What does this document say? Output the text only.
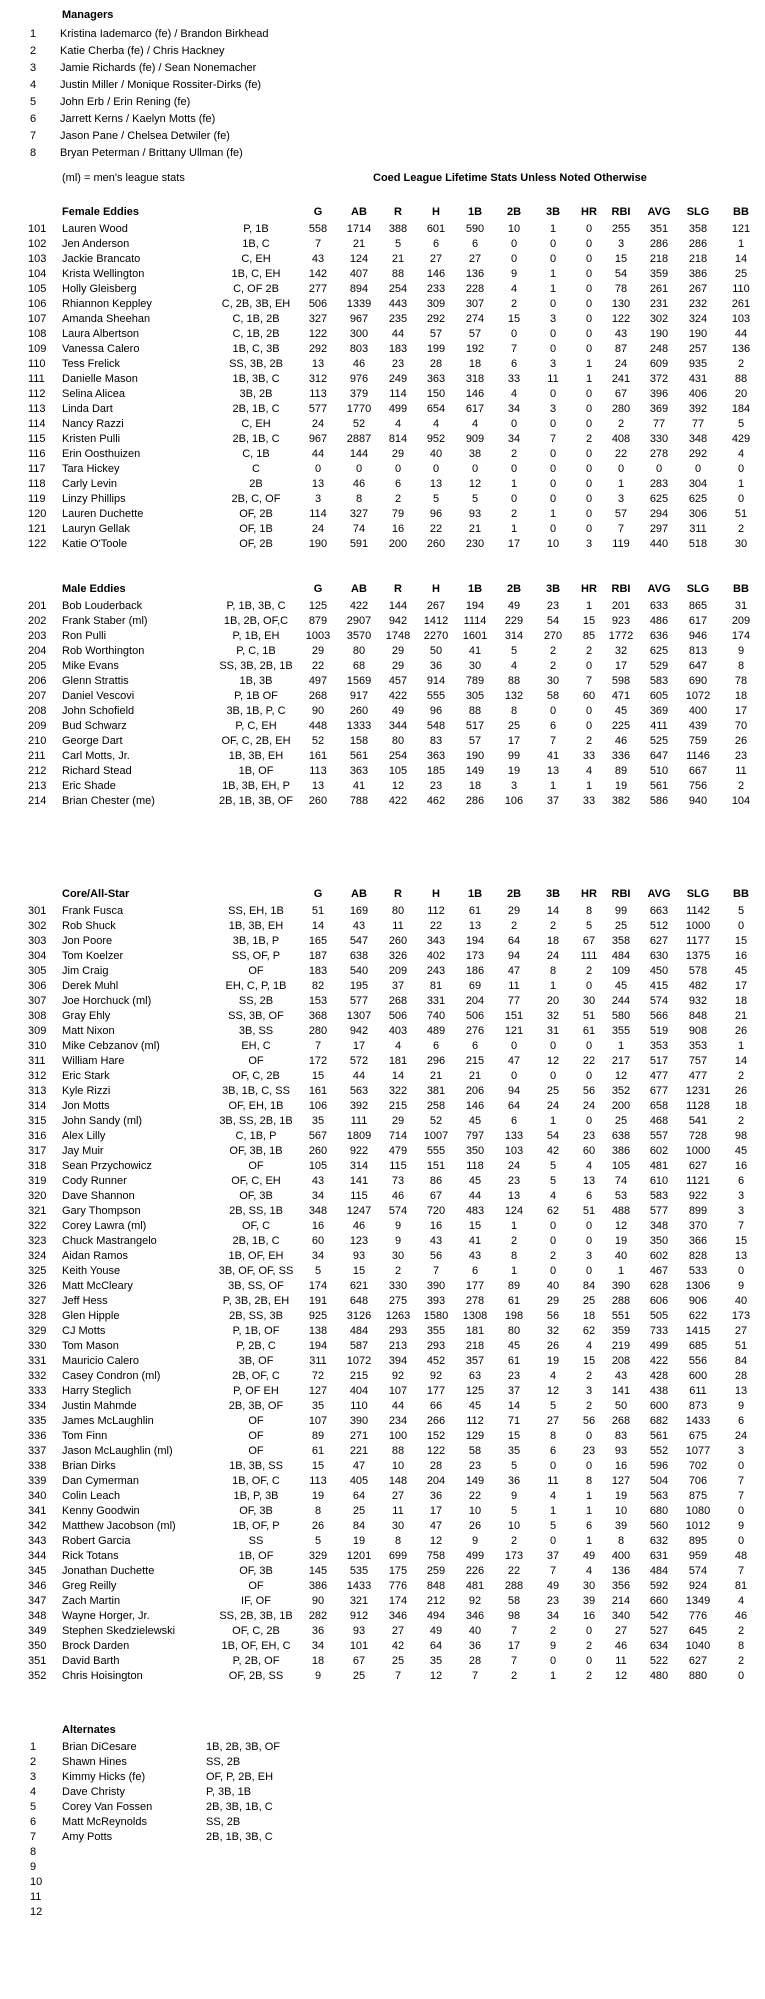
Managers
1 Kristina Iademarco (fe) / Brandon Birkhead
2 Katie Cherba (fe) / Chris Hackney
3 Jamie Richards (fe) / Sean Nonemacher
4 Justin Miller / Monique Rossiter-Dirks (fe)
5 John Erb / Erin Rening (fe)
6 Jarrett Kerns / Kaelyn Motts (fe)
7 Jason Pane / Chelsea Detwiler (fe)
8 Bryan Peterman / Brittany Ullman (fe)
(ml) = men's league stats	Coed League Lifetime Stats Unless Noted Otherwise
Female Eddies	G	AB	R	H	1B	2B	3B	HR	RBI	AVG	SLG	BB
101	Lauren Wood	P, 1B	558	1714	388	601	590	10	1	0	255	351	358	121
102	Jen Anderson	1B, C	7	21	5	6	6	0	0	0	3	286	286	1
103	Jackie Brancato	C, EH	43	124	21	27	27	0	0	0	15	218	218	14
104	Krista Wellington	1B, C, EH	142	407	88	146	136	9	1	0	54	359	386	25
105	Holly Gleisberg	C, OF 2B	277	894	254	233	228	4	1	0	78	261	267	110
106	Rhiannon Keppley	C, 2B, 3B, EH	506	1339	443	309	307	2	0	0	130	231	232	261
107	Amanda Sheehan	C, 1B, 2B	327	967	235	292	274	15	3	0	122	302	324	103
108	Laura Albertson	C, 1B, 2B	122	300	44	57	57	0	0	0	43	190	190	44
109	Vanessa Calero	1B, C, 3B	292	803	183	199	192	7	0	0	87	248	257	136
110	Tess Frelick	SS, 3B, 2B	13	46	23	28	18	6	3	1	24	609	935	2
111	Danielle Mason	1B, 3B, C	312	976	249	363	318	33	11	1	241	372	431	88
112	Selina Alicea	3B, 2B	113	379	114	150	146	4	0	0	67	396	406	20
113	Linda Dart	2B, 1B, C	577	1770	499	654	617	34	3	0	280	369	392	184
114	Nancy Razzi	C, EH	24	52	4	4	4	0	0	0	2	77	77	5
115	Kristen Pulli	2B, 1B, C	967	2887	814	952	909	34	7	2	408	330	348	429
116	Erin Oosthuizen	C, 1B	44	144	29	40	38	2	0	0	22	278	292	4
117	Tara Hickey	C	0	0	0	0	0	0	0	0	0	0	0	0
118	Carly Levin	2B	13	46	6	13	12	1	0	0	1	283	304	1
119	Linzy Phillips	2B, C, OF	3	8	2	5	5	0	0	0	3	625	625	0
120	Lauren Duchette	OF, 2B	114	327	79	96	93	2	1	0	57	294	306	51
121	Lauryn Gellak	OF, 1B	24	74	16	22	21	1	0	0	7	297	311	2
122	Katie O'Toole	OF, 2B	190	591	200	260	230	17	10	3	119	440	518	30
Male Eddies	G	AB	R	H	1B	2B	3B	HR	RBI	AVG	SLG	BB
201	Bob Louderback	P, 1B, 3B, C	125	422	144	267	194	49	23	1	201	633	865	31
202	Frank Staber (ml)	1B, 2B, OF,C	879	2907	942	1412	1114	229	54	15	923	486	617	209
203	Ron Pulli	P, 1B, EH	1003	3570	1748	2270	1601	314	270	85	1772	636	946	174
204	Rob Worthington	P, C, 1B	29	80	29	50	41	5	2	2	32	625	813	9
205	Mike Evans	SS, 3B, 2B, 1B	22	68	29	36	30	4	2	0	17	529	647	8
206	Glenn Strattis	1B, 3B	497	1569	457	914	789	88	30	7	598	583	690	78
207	Daniel Vescovi	P, 1B OF	268	917	422	555	305	132	58	60	471	605	1072	18
208	John Schofield	3B, 1B, P, C	90	260	49	96	88	8	0	0	45	369	400	17
209	Bud Schwarz	P, C, EH	448	1333	344	548	517	25	6	0	225	411	439	70
210	George Dart	OF, C, 2B, EH	52	158	80	83	57	17	7	2	46	525	759	26
211	Carl Motts, Jr.	1B, 3B, EH	161	561	254	363	190	99	41	33	336	647	1146	23
212	Richard Stead	1B, OF	113	363	105	185	149	19	13	4	89	510	667	11
213	Eric Shade	1B, 3B, EH, P	13	41	12	23	18	3	1	1	19	561	756	2
214	Brian Chester (me)	2B, 1B, 3B, OF	260	788	422	462	286	106	37	33	382	586	940	104
Core/All-Star	G	AB	R	H	1B	2B	3B	HR	RBI	AVG	SLG	BB
301	Frank Fusca	SS, EH, 1B	51	169	80	112	61	29	14	8	99	663	1142	5
302	Rob Shuck	1B, 3B, EH	14	43	11	22	13	2	2	5	25	512	1000	0
303	Jon Poore	3B, 1B, P	165	547	260	343	194	64	18	67	358	627	1177	15
304	Tom Koelzer	SS, OF, P	187	638	326	402	173	94	24	111	484	630	1375	16
305	Jim Craig	OF	183	540	209	243	186	47	8	2	109	450	578	45
306	Derek Muhl	EH, C, P, 1B	82	195	37	81	69	11	1	0	45	415	482	17
307	Joe Horchuck (ml)	SS, 2B	153	577	268	331	204	77	20	30	244	574	932	18
308	Gray Ehly	SS, 3B, OF	368	1307	506	740	506	151	32	51	580	566	848	21
309	Matt Nixon	3B, SS	280	942	403	489	276	121	31	61	355	519	908	26
310	Mike Cebzanov (ml)	EH, C	7	17	4	6	6	0	0	0	1	353	353	1
311	William Hare	OF	172	572	181	296	215	47	12	22	217	517	757	14
312	Eric Stark	OF, C, 2B	15	44	14	21	21	0	0	0	12	477	477	2
313	Kyle Rizzi	3B, 1B, C, SS	161	563	322	381	206	94	25	56	352	677	1231	26
314	Jon Motts	OF, EH, 1B	106	392	215	258	146	64	24	24	200	658	1128	18
315	John Sandy (ml)	3B, SS, 2B, 1B	35	111	29	52	45	6	1	0	25	468	541	2
316	Alex Lilly	C, 1B, P	567	1809	714	1007	797	133	54	23	638	557	728	98
317	Jay Muir	OF, 3B, 1B	260	922	479	555	350	103	42	60	386	602	1000	45
318	Sean Przychowicz	OF	105	314	115	151	118	24	5	4	105	481	627	16
319	Cody Runner	OF, C, EH	43	141	73	86	45	23	5	13	74	610	1121	6
320	Dave Shannon	OF, 3B	34	115	46	67	44	13	4	6	53	583	922	3
321	Gary Thompson	2B, SS, 1B	348	1247	574	720	483	124	62	51	488	577	899	3
322	Corey Lawra (ml)	OF, C	16	46	9	16	15	1	0	0	12	348	370	7
323	Chuck Mastrangelo	2B, 1B, C	60	123	9	43	41	2	0	0	19	350	366	15
324	Aidan Ramos	1B, OF, EH	34	93	30	56	43	8	2	3	40	602	828	13
325	Keith Youse	3B, OF, OF, SS	5	15	2	7	6	1	0	0	1	467	533	0
326	Matt McCleary	3B, SS, OF	174	621	330	390	177	89	40	84	390	628	1306	9
327	Jeff Hess	P, 3B, 2B, EH	191	648	275	393	278	61	29	25	288	606	906	40
328	Glen Hipple	2B, SS, 3B	925	3126	1263	1580	1308	198	56	18	551	505	622	173
329	CJ Motts	P, 1B, OF	138	484	293	355	181	80	32	62	359	733	1415	27
330	Tom Mason	P, 2B, C	194	587	213	293	218	45	26	4	219	499	685	51
331	Mauricio Calero	3B, OF	311	1072	394	452	357	61	19	15	208	422	556	84
332	Casey Condron (ml)	2B, OF, C	72	215	92	92	63	23	4	2	43	428	600	28
333	Harry Steglich	P, OF EH	127	404	107	177	125	37	12	3	141	438	611	13
334	Justin Mahmde	2B, 3B, OF	35	110	44	66	45	14	5	2	50	600	873	9
335	James McLaughlin	OF	107	390	234	266	112	71	27	56	268	682	1433	6
336	Tom Finn	OF	89	271	100	152	129	15	8	0	83	561	675	24
337	Jason McLaughlin (ml)	OF	61	221	88	122	58	35	6	23	93	552	1077	3
338	Brian Dirks	1B, 3B, SS	15	47	10	28	23	5	0	0	16	596	702	0
339	Dan Cymerman	1B, OF, C	113	405	148	204	149	36	11	8	127	504	706	7
340	Colin Leach	1B, P, 3B	19	64	27	36	22	9	4	1	19	563	875	7
341	Kenny Goodwin	OF, 3B	8	25	11	17	10	5	1	1	10	680	1080	0
342	Matthew Jacobson (ml)	1B, OF, P	26	84	30	47	26	10	5	6	39	560	1012	9
343	Robert Garcia	SS	5	19	8	12	9	2	0	1	8	632	895	0
344	Rick Totans	1B, OF	329	1201	699	758	499	173	37	49	400	631	959	48
345	Jonathan Duchette	OF, 3B	145	535	175	259	226	22	7	4	136	484	574	7
346	Greg Reilly	OF	386	1433	776	848	481	288	49	30	356	592	924	81
347	Zach Martin	IF, OF	90	321	174	212	92	58	23	39	214	660	1349	4
348	Wayne Horger, Jr.	SS, 2B, 3B, 1B	282	912	346	494	346	98	34	16	340	542	776	46
349	Stephen Skedzielewski	OF, C, 2B	36	93	27	49	40	7	2	0	27	527	645	2
350	Brock Darden	1B, OF, EH, C	34	101	42	64	36	17	9	2	46	634	1040	8
351	David Barth	P, 2B, OF	18	67	25	35	28	7	0	0	11	522	627	2
352	Chris Hoisington	OF, 2B, SS	9	25	7	12	7	2	1	2	12	480	880	0
Alternates
1 Brian DiCesare	1B, 2B, 3B, OF
2 Shawn Hines	SS, 2B
3 Kimmy Hicks (fe)	OF, P, 2B, EH
4 Dave Christy	P, 3B, 1B
5 Corey Van Fossen	2B, 3B, 1B, C
6 Matt McReynolds	SS, 2B
7 Amy Potts	2B, 1B, 3B, C
8
9
10
11
12
